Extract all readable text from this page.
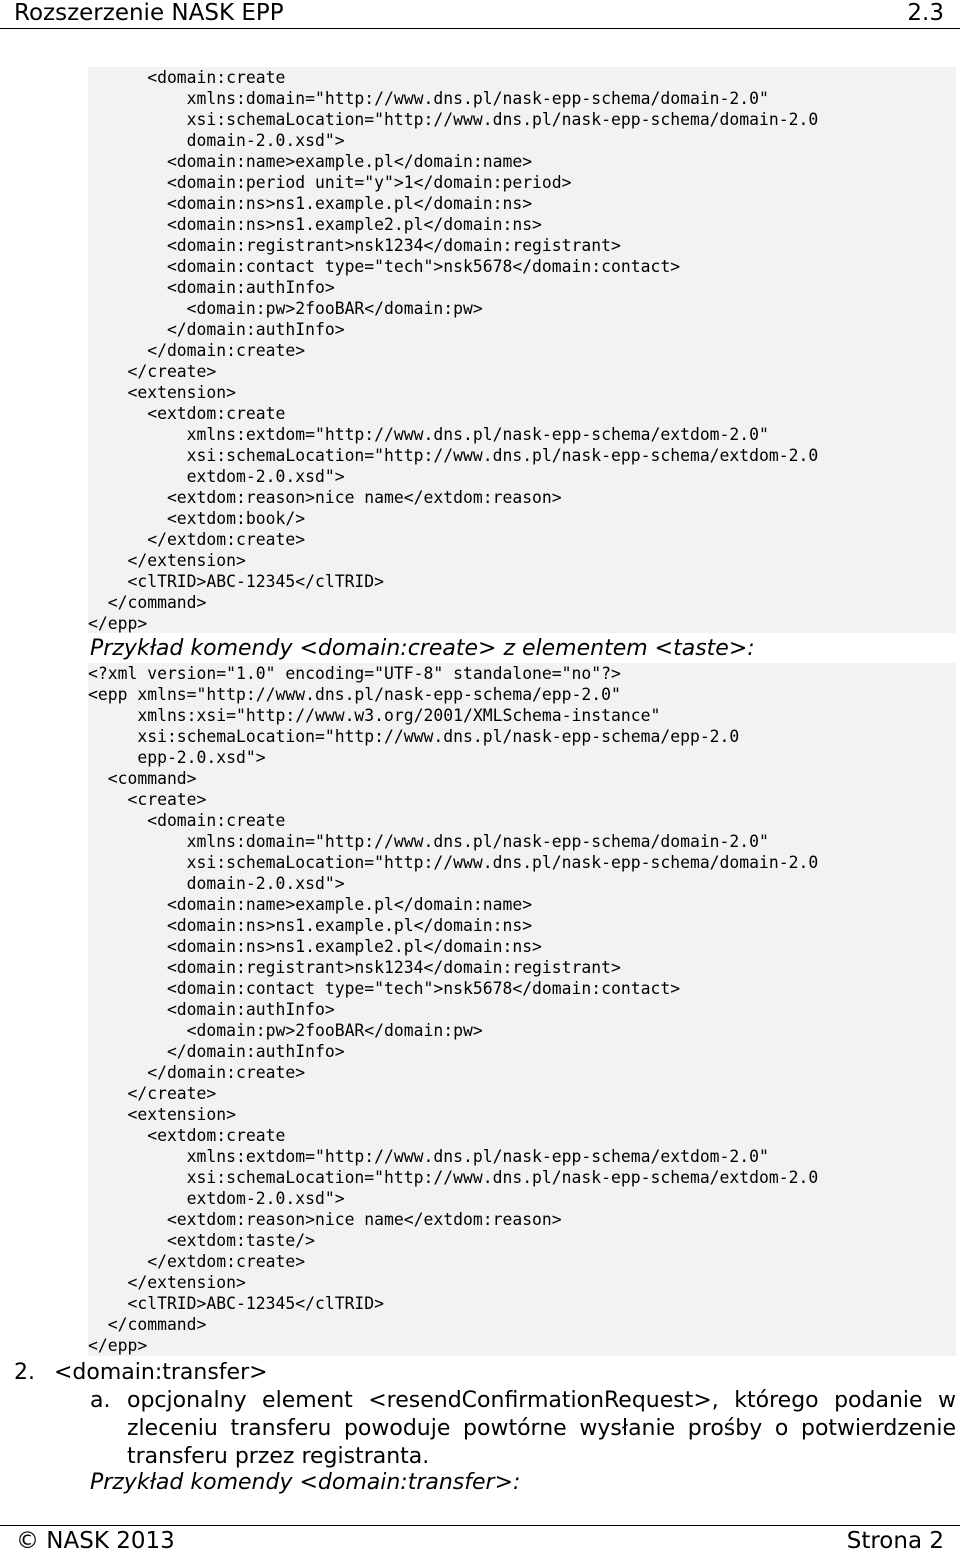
Rozszerzenie NASK EPP	2.3
<domain:create
xmlns:domain="http://www.dns.pl/nask-epp-schema/domain-2.0"
xsi:schemaLocation="http://www.dns.pl/nask-epp-schema/domain-2.0
domain-2.0.xsd">
<domain:name>example.pl</domain:name>
<domain:period unit="y">1</domain:period>
<domain:ns>ns1.example.pl</domain:ns>
<domain:ns>ns1.example2.pl</domain:ns>
<domain:registrant>nsk1234</domain:registrant>
<domain:contact type="tech">nsk5678</domain:contact>
<domain:authInfo>
<domain:pw>2fooBAR</domain:pw>
</domain:authInfo>
</domain:create>
</create>
<extension>
<extdom:create
xmlns:extdom="http://www.dns.pl/nask-epp-schema/extdom-2.0"
xsi:schemaLocation="http://www.dns.pl/nask-epp-schema/extdom-2.0
extdom-2.0.xsd">
<extdom:reason>nice name</extdom:reason>
<extdom:book/>
</extdom:create>
</extension>
<clTRID>ABC-12345</clTRID>
</command>
</epp>
Przykład komendy <domain:create> z elementem <taste>:
<?xml version="1.0" encoding="UTF-8" standalone="no"?>
<epp xmlns="http://www.dns.pl/nask-epp-schema/epp-2.0"
xmlns:xsi="http://www.w3.org/2001/XMLSchema-instance"
xsi:schemaLocation="http://www.dns.pl/nask-epp-schema/epp-2.0
epp-2.0.xsd">
<command>
<create>
<domain:create
xmlns:domain="http://www.dns.pl/nask-epp-schema/domain-2.0"
xsi:schemaLocation="http://www.dns.pl/nask-epp-schema/domain-2.0
domain-2.0.xsd">
<domain:name>example.pl</domain:name>
<domain:ns>ns1.example.pl</domain:ns>
<domain:ns>ns1.example2.pl</domain:ns>
<domain:registrant>nsk1234</domain:registrant>
<domain:contact type="tech">nsk5678</domain:contact>
<domain:authInfo>
<domain:pw>2fooBAR</domain:pw>
</domain:authInfo>
</domain:create>
</create>
<extension>
<extdom:create
xmlns:extdom="http://www.dns.pl/nask-epp-schema/extdom-2.0"
xsi:schemaLocation="http://www.dns.pl/nask-epp-schema/extdom-2.0
extdom-2.0.xsd">
<extdom:reason>nice name</extdom:reason>
<extdom:taste/>
</extdom:create>
</extension>
<clTRID>ABC-12345</clTRID>
</command>
</epp>
2. <domain:transfer>
a. opcjonalny element <resendConfirmationRequest>, którego podanie w zleceniu transferu powoduje powtórne wysłanie prośby o potwierdzenie transferu przez registranta.
Przykład komendy <domain:transfer>:
© NASK 2013	Strona 2
